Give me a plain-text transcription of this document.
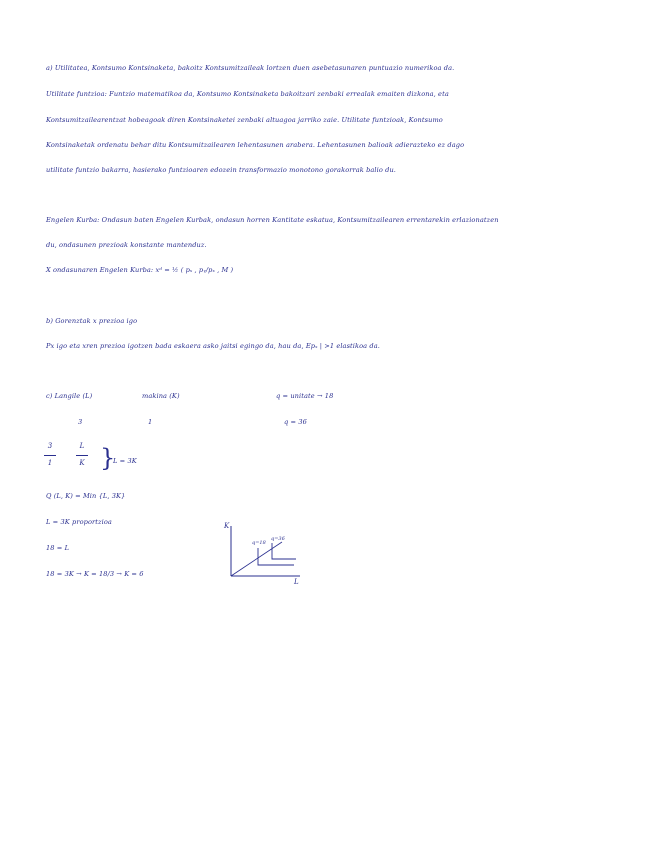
a) Utilitatea, Kontsumo Kontsinaketa, bakoitz Kontsumitzaileak lortzen duen asebetasunaren puntuazio numerikoa da.
Utilitate funtzioa: Funtzio matematikoa da, Kontsumo Kontsinaketa bakoitzari zenbaki errealak emaiten dizkona, eta
Kontsumitzailearentzat hobeagoak diren Kontsinaketei zenbaki altuagoa jarriko zaie. Utilitate funtzioak, Kontsumo
Kontsinaketak ordenatu behar ditu Kontsumitzailearen lehentasunen arabera. Lehentasunen balioak adierazteko ez dago
utilitate funtzio bakarra, hasierako funtzioaren edozein transformazio monotono gorakorrak balio du.
Engelen Kurba: Ondasun baten Engelen Kurbak, ondasun horren Kantitate eskatua, Kontsumitzailearen errentarekin erlazionatzen
du, ondasunen prezioak konstante mantenduz.
X ondasunaren Engelen Kurba: xᵈ = ½ ( pₓ , pᵧ/pₓ , M )
b) Gorenztak x prezioa igo
Px igo eta xren prezioa igotzen bada eskaera asko jaitsi egingo da, hau da, Epₓ | >1 elastikoa da.
c) Langile (L)	makina (K)	q = unitate → 18
3	1	q = 36
3
1
L
K }
L = 3K
Q (L, K) = Min {L, 3K}
L = 3K proportzioa
18 = L
18 = 3K → K = 18/3 → K = 6
K
L
q=18
q=36
